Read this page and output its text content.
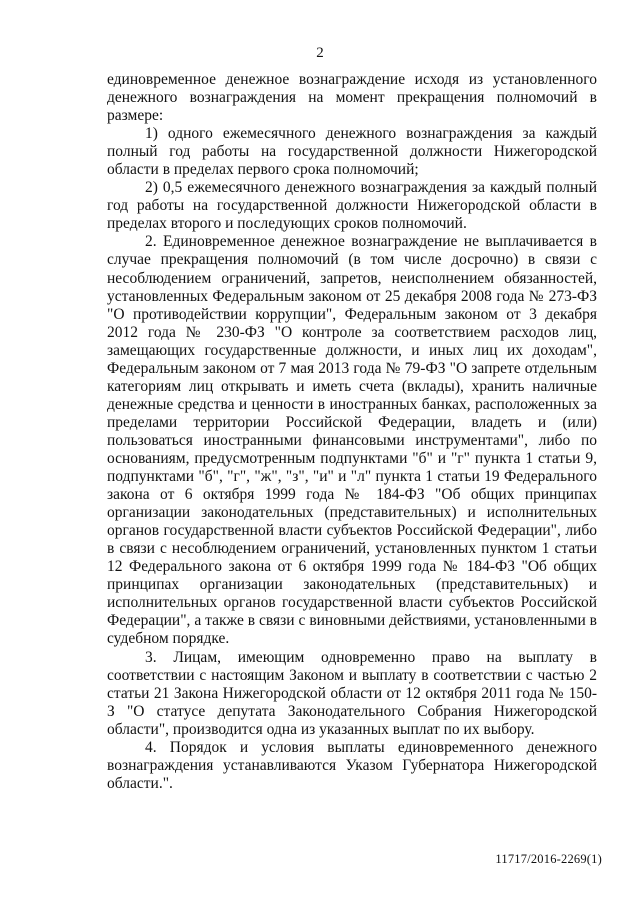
2

единовременное денежное вознаграждение исходя из установленного денежного вознаграждения на момент прекращения полномочий в размере:

1) одного ежемесячного денежного вознаграждения за каждый полный год работы на государственной должности Нижегородской области в пределах первого срока полномочий;

2) 0,5 ежемесячного денежного вознаграждения за каждый полный год работы на государственной должности Нижегородской области в пределах второго и последующих сроков полномочий.

2. Единовременное денежное вознаграждение не выплачивается в случае прекращения полномочий (в том числе досрочно) в связи с несоблюдением ограничений, запретов, неисполнением обязанностей, установленных Федеральным законом от 25 декабря 2008 года № 273-ФЗ "О противодействии коррупции", Федеральным законом от 3 декабря 2012 года № 230-ФЗ "О контроле за соответствием расходов лиц, замещающих государственные должности, и иных лиц их доходам", Федеральным законом от 7 мая 2013 года № 79-ФЗ "О запрете отдельным категориям лиц открывать и иметь счета (вклады), хранить наличные денежные средства и ценности в иностранных банках, расположенных за пределами территории Российской Федерации, владеть и (или) пользоваться иностранными финансовыми инструментами", либо по основаниям, предусмотренным подпунктами "б" и "г" пункта 1 статьи 9, подпунктами "б", "г", "ж", "з", "и" и "л" пункта 1 статьи 19 Федерального закона от 6 октября 1999 года № 184-ФЗ "Об общих принципах организации законодательных (представительных) и исполнительных органов государственной власти субъектов Российской Федерации", либо в связи с несоблюдением ограничений, установленных пунктом 1 статьи 12 Федерального закона от 6 октября 1999 года № 184-ФЗ "Об общих принципах организации законодательных (представительных) и исполнительных органов государственной власти субъектов Российской Федерации", а также в связи с виновными действиями, установленными в судебном порядке.

3. Лицам, имеющим одновременно право на выплату в соответствии с настоящим Законом и выплату в соответствии с частью 2 статьи 21 Закона Нижегородской области от 12 октября 2011 года № 150-З "О статусе депутата Законодательного Собрания Нижегородской области", производится одна из указанных выплат по их выбору.

4. Порядок и условия выплаты единовременного денежного вознаграждения устанавливаются Указом Губернатора Нижегородской области.".

11717/2016-2269(1)
